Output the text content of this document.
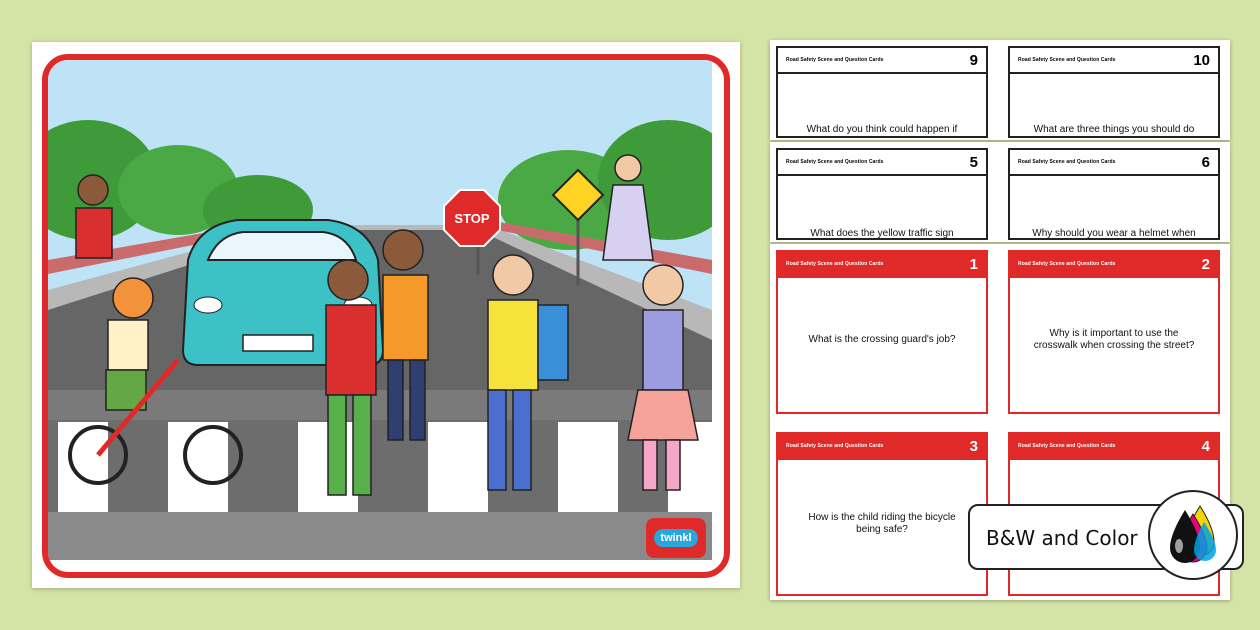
STOP
twinkl
Road Safety Scene and Question Cards	9
What do you think could happen if
Road Safety Scene and Question Cards	10
What are three things you should do
Road Safety Scene and Question Cards	5
What does the yellow traffic sign
Road Safety Scene and Question Cards	6
Why should you wear a helmet when
Road Safety Scene and Question Cards	1
What is the crossing guard's job?
Road Safety Scene and Question Cards	2
Why is it important to use the crosswalk when crossing the street?
Road Safety Scene and Question Cards	3
How is the child riding the bicycle being safe?
Road Safety Scene and Question Cards	4
B&W and Color
